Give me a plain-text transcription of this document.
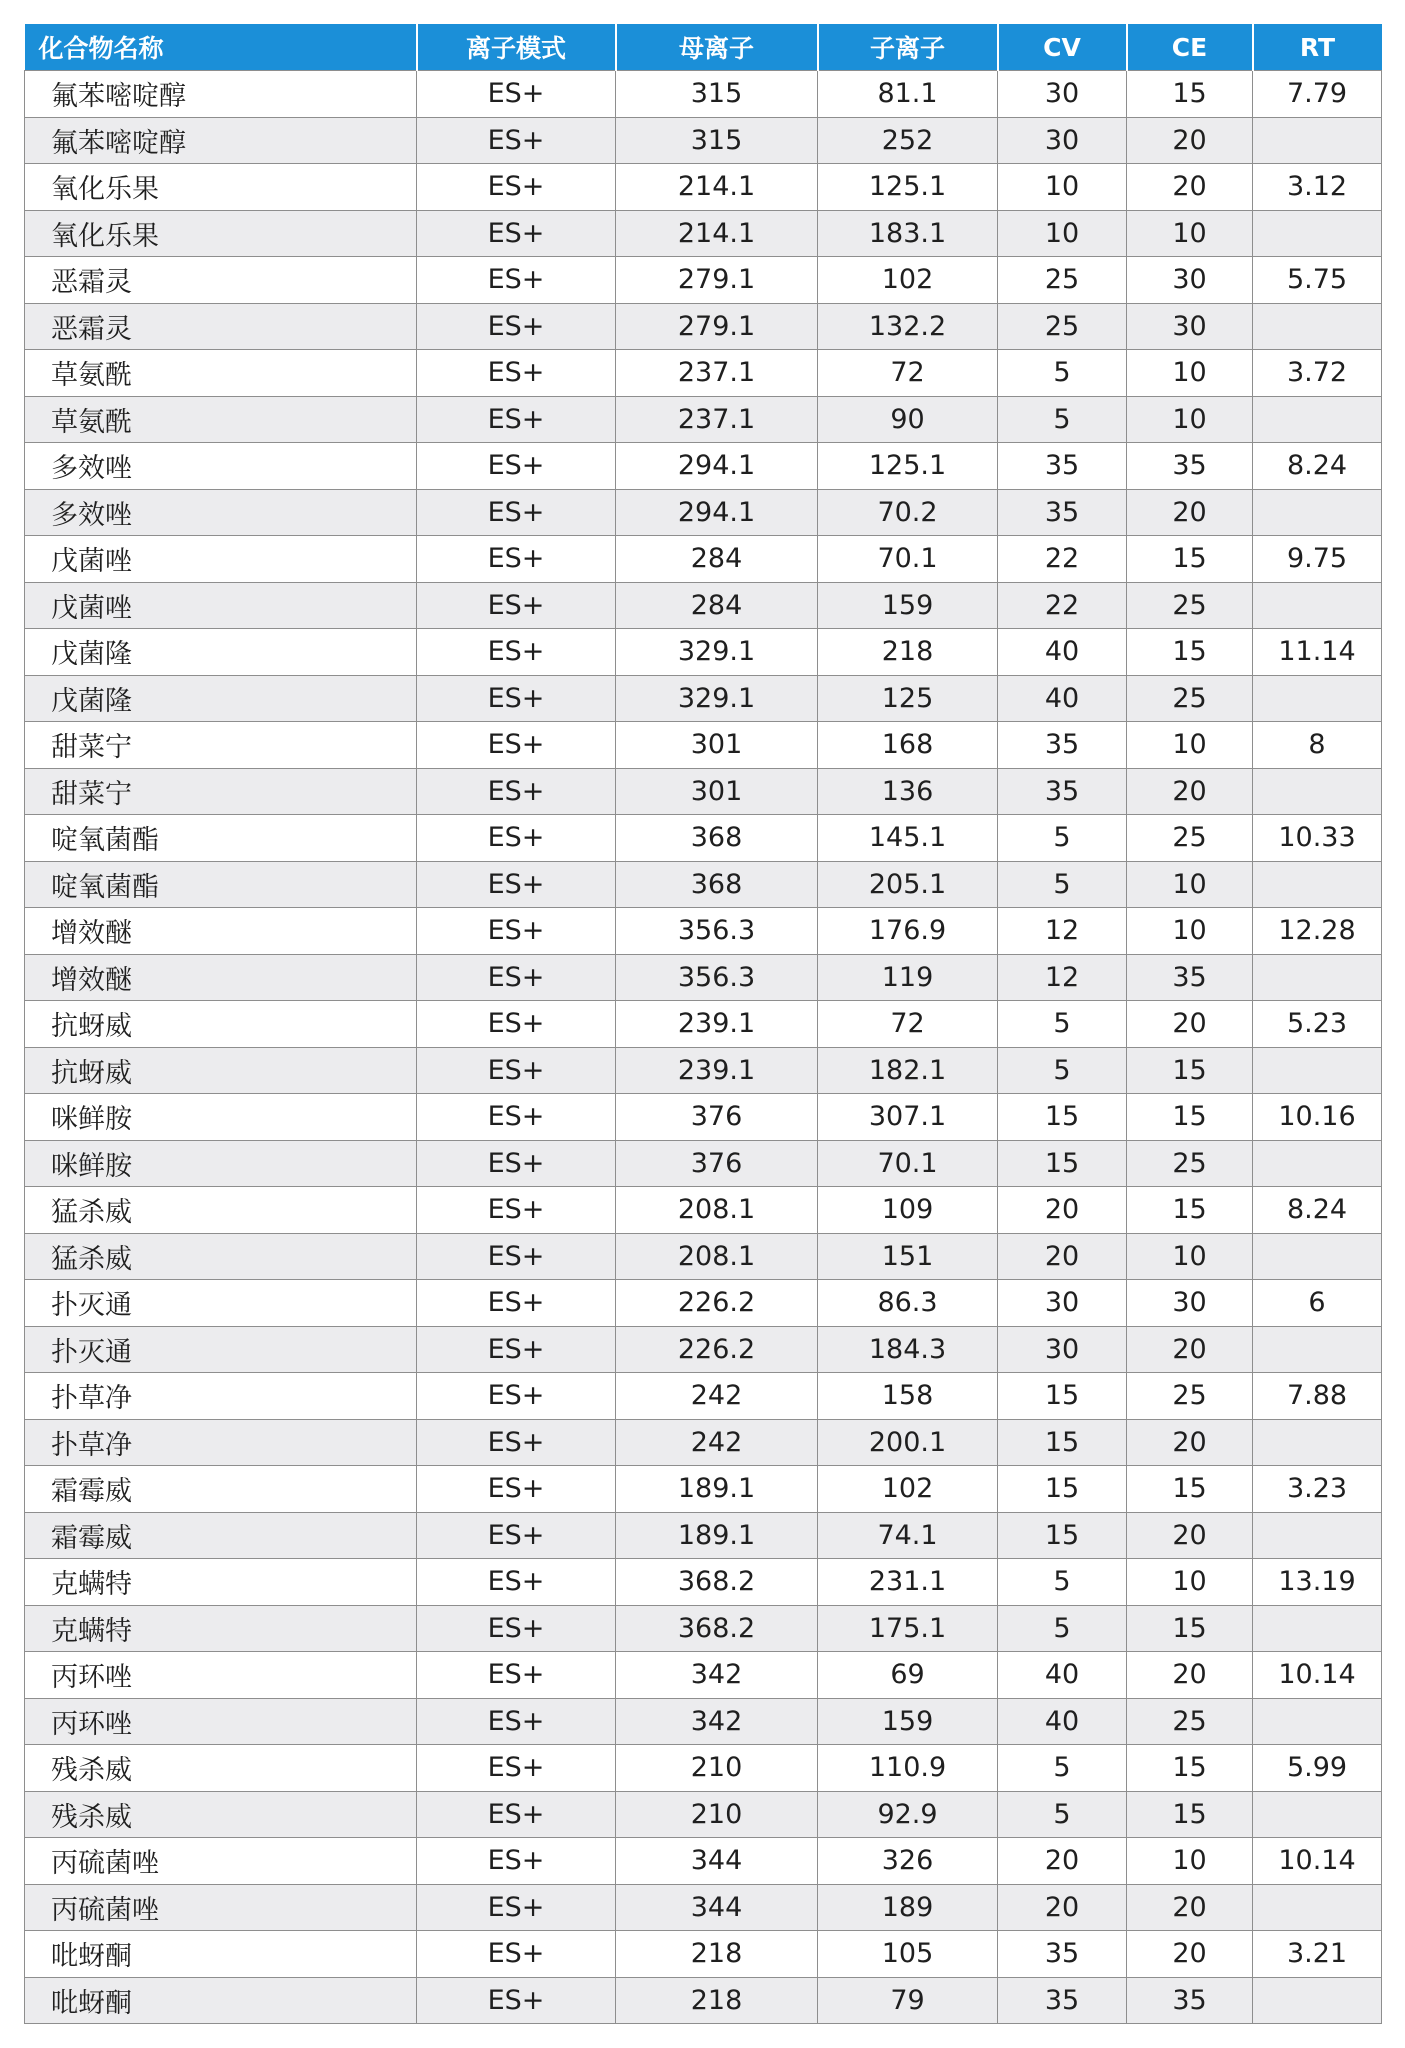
化合物名称	离子模式	母离子	子离子	CV	CE	RT
氟苯嘧啶醇	ES+	315	81.1	30	15	7.79
氟苯嘧啶醇	ES+	315	252	30	20	
氧化乐果	ES+	214.1	125.1	10	20	3.12
氧化乐果	ES+	214.1	183.1	10	10	
恶霜灵	ES+	279.1	102	25	30	5.75
恶霜灵	ES+	279.1	132.2	25	30	
草氨酰	ES+	237.1	72	5	10	3.72
草氨酰	ES+	237.1	90	5	10	
多效唑	ES+	294.1	125.1	35	35	8.24
多效唑	ES+	294.1	70.2	35	20	
戊菌唑	ES+	284	70.1	22	15	9.75
戊菌唑	ES+	284	159	22	25	
戊菌隆	ES+	329.1	218	40	15	11.14
戊菌隆	ES+	329.1	125	40	25	
甜菜宁	ES+	301	168	35	10	8
甜菜宁	ES+	301	136	35	20	
啶氧菌酯	ES+	368	145.1	5	25	10.33
啶氧菌酯	ES+	368	205.1	5	10	
增效醚	ES+	356.3	176.9	12	10	12.28
增效醚	ES+	356.3	119	12	35	
抗蚜威	ES+	239.1	72	5	20	5.23
抗蚜威	ES+	239.1	182.1	5	15	
咪鲜胺	ES+	376	307.1	15	15	10.16
咪鲜胺	ES+	376	70.1	15	25	
猛杀威	ES+	208.1	109	20	15	8.24
猛杀威	ES+	208.1	151	20	10	
扑灭通	ES+	226.2	86.3	30	30	6
扑灭通	ES+	226.2	184.3	30	20	
扑草净	ES+	242	158	15	25	7.88
扑草净	ES+	242	200.1	15	20	
霜霉威	ES+	189.1	102	15	15	3.23
霜霉威	ES+	189.1	74.1	15	20	
克螨特	ES+	368.2	231.1	5	10	13.19
克螨特	ES+	368.2	175.1	5	15	
丙环唑	ES+	342	69	40	20	10.14
丙环唑	ES+	342	159	40	25	
残杀威	ES+	210	110.9	5	15	5.99
残杀威	ES+	210	92.9	5	15	
丙硫菌唑	ES+	344	326	20	10	10.14
丙硫菌唑	ES+	344	189	20	20	
吡蚜酮	ES+	218	105	35	20	3.21
吡蚜酮	ES+	218	79	35	35	
